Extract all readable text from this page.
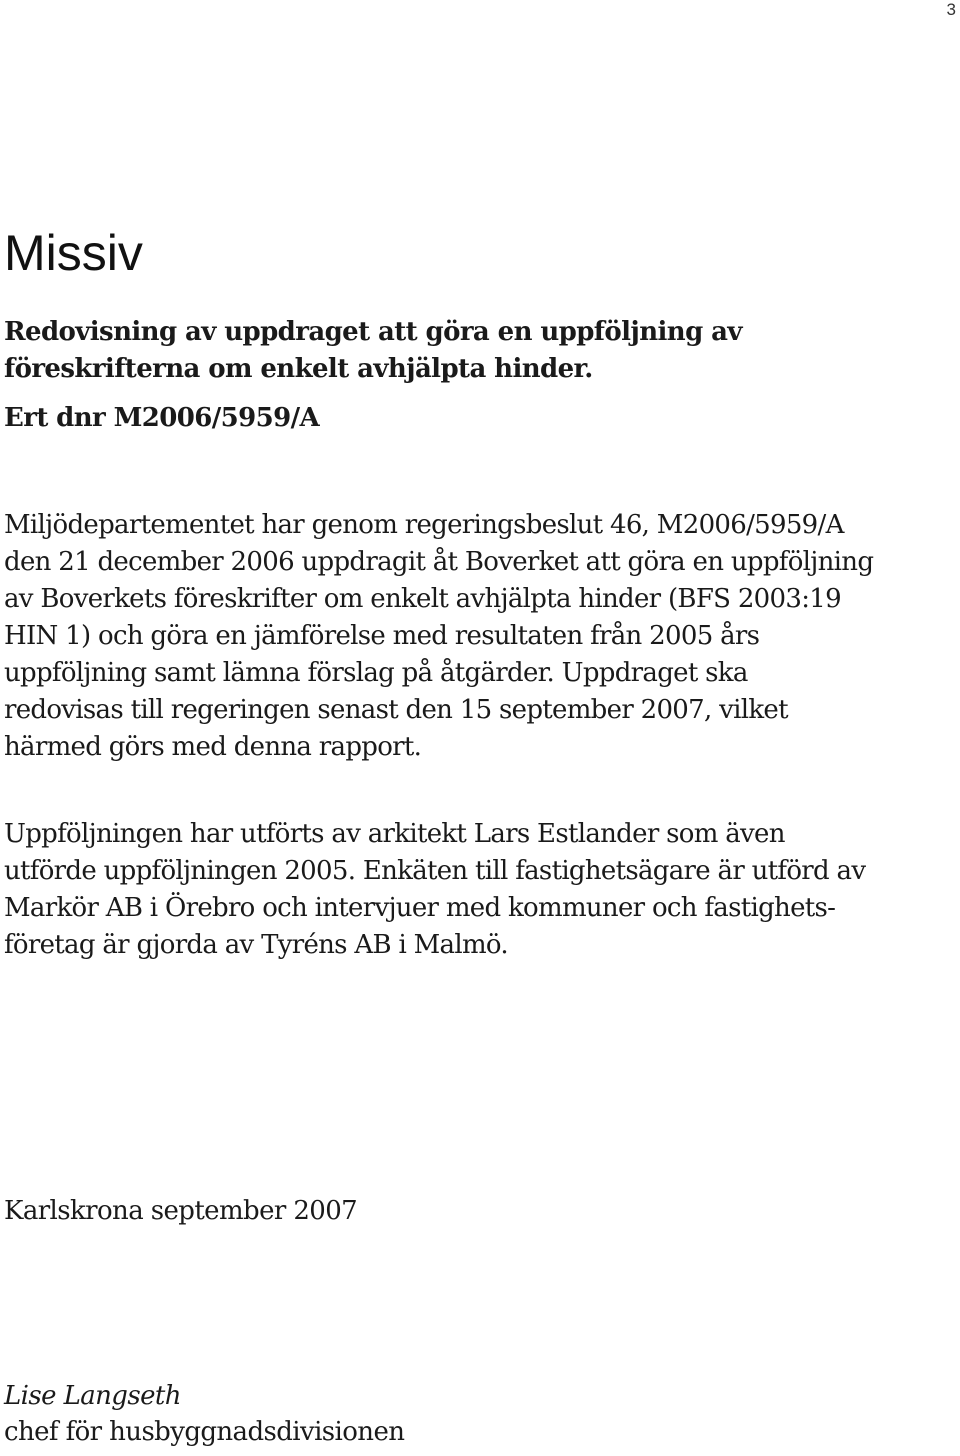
3
Missiv

Redovisning av uppdraget att göra en uppföljning av
föreskrifterna om enkelt avhjälpta hinder.

Ert dnr M2006/5959/A

Miljödepartementet har genom regeringsbeslut 46, M2006/5959/A
den 21 december 2006 uppdragit åt Boverket att göra en uppföljning
av Boverkets föreskrifter om enkelt avhjälpta hinder (BFS 2003:19
HIN 1) och göra en jämförelse med resultaten från 2005 års
uppföljning samt lämna förslag på åtgärder. Uppdraget ska
redovisas till regeringen senast den 15 september 2007, vilket
härmed görs med denna rapport.

Uppföljningen har utförts av arkitekt Lars Estlander som även
utförde uppföljningen 2005. Enkäten till fastighetsägare är utförd av
Markör AB i Örebro och intervjuer med kommuner och fastighets-
företag är gjorda av Tyréns AB i Malmö.

Karlskrona september 2007

Lise Langseth

chef för husbyggnadsdivisionen
